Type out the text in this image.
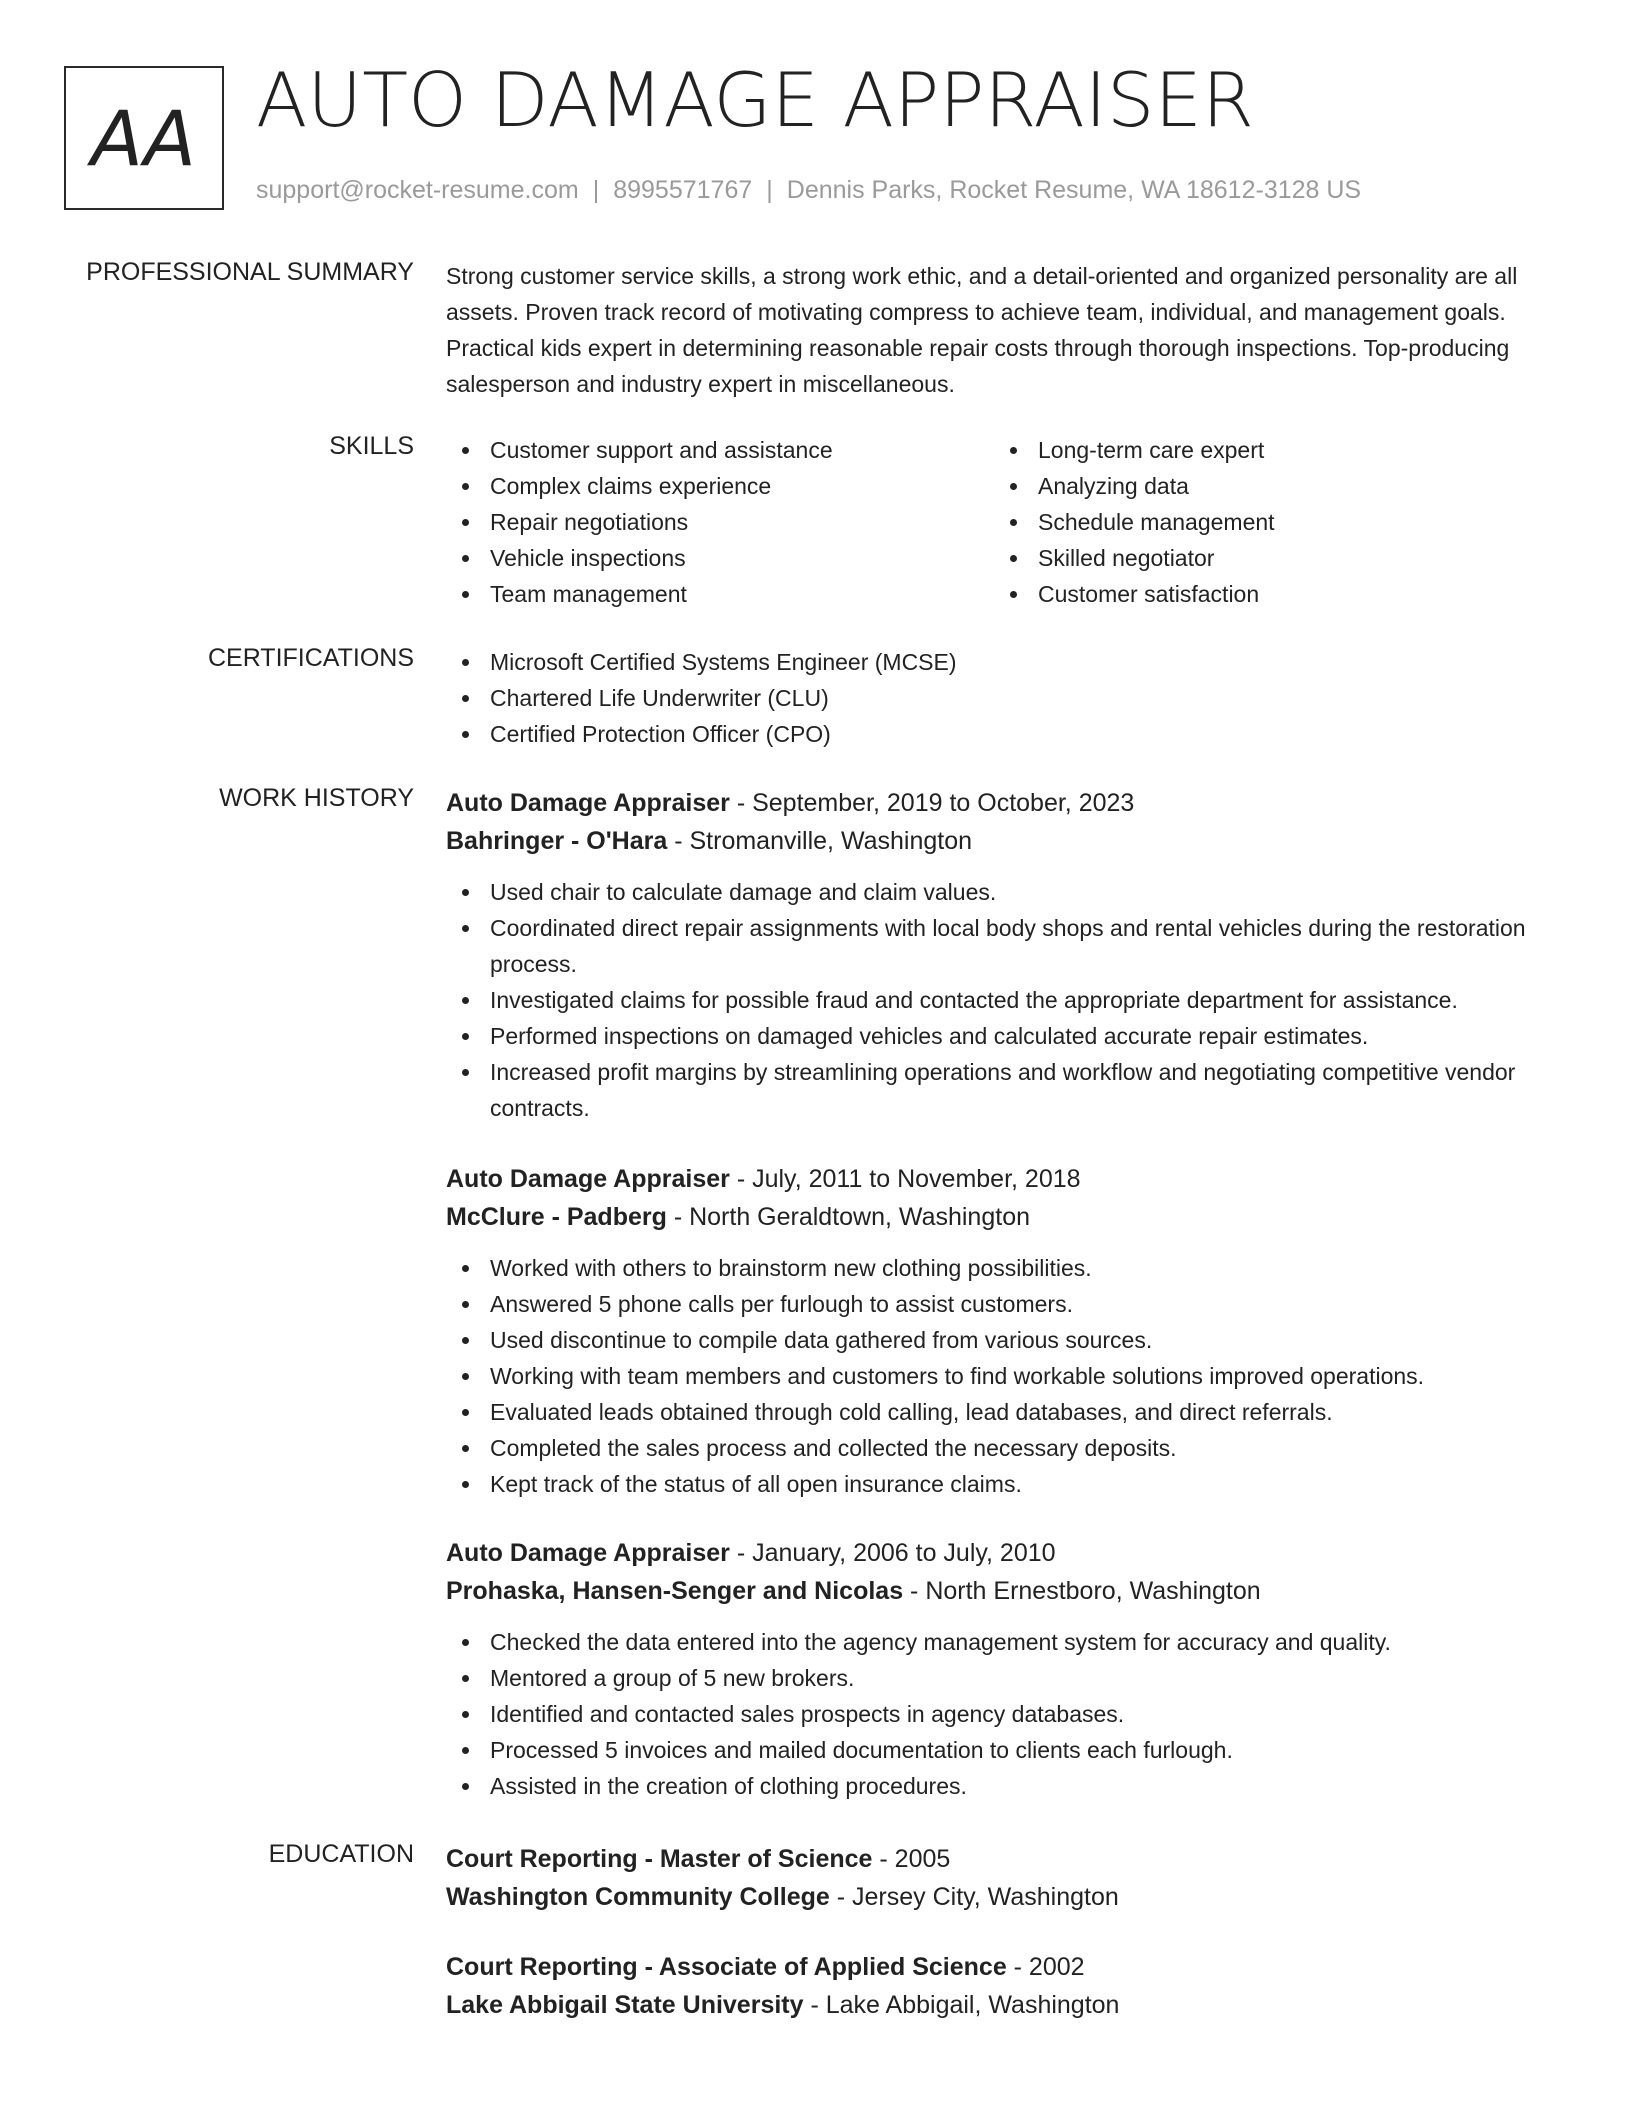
AA AUTO DAMAGE APPRAISER
support@rocket-resume.com | 8995571767 | Dennis Parks, Rocket Resume, WA 18612-3128 US
PROFESSIONAL SUMMARY Strong customer service skills, a strong work ethic, and a detail-oriented and organized personality are all assets. Proven track record of motivating compress to achieve team, individual, and management goals. Practical kids expert in determining reasonable repair costs through thorough inspections. Top-producing salesperson and industry expert in miscellaneous.
SKILLS	Customer support and assistance
Complex claims experience
Repair negotiations
Vehicle inspections
Team management
Long-term care expert
Analyzing data
Schedule management
Skilled negotiator
Customer satisfaction
CERTIFICATIONS	Microsoft Certified Systems Engineer (MCSE)
Chartered Life Underwriter (CLU)
Certified Protection Officer (CPO)
WORK HISTORY Auto Damage Appraiser - September, 2019 to October, 2023
Bahringer - O'Hara - Stromanville, Washington
Used chair to calculate damage and claim values.
Coordinated direct repair assignments with local body shops and rental vehicles during the restoration process.
Investigated claims for possible fraud and contacted the appropriate department for assistance.
Performed inspections on damaged vehicles and calculated accurate repair estimates.
Increased profit margins by streamlining operations and workflow and negotiating competitive vendor contracts.
Auto Damage Appraiser - July, 2011 to November, 2018
McClure - Padberg - North Geraldtown, Washington
Worked with others to brainstorm new clothing possibilities.
Answered 5 phone calls per furlough to assist customers.
Used discontinue to compile data gathered from various sources.
Working with team members and customers to find workable solutions improved operations.
Evaluated leads obtained through cold calling, lead databases, and direct referrals.
Completed the sales process and collected the necessary deposits.
Kept track of the status of all open insurance claims.
Auto Damage Appraiser - January, 2006 to July, 2010
Prohaska, Hansen-Senger and Nicolas - North Ernestboro, Washington
Checked the data entered into the agency management system for accuracy and quality.
Mentored a group of 5 new brokers.
Identified and contacted sales prospects in agency databases.
Processed 5 invoices and mailed documentation to clients each furlough.
Assisted in the creation of clothing procedures.
EDUCATION Court Reporting - Master of Science - 2005
Washington Community College - Jersey City, Washington
Court Reporting - Associate of Applied Science - 2002
Lake Abbigail State University - Lake Abbigail, Washington
